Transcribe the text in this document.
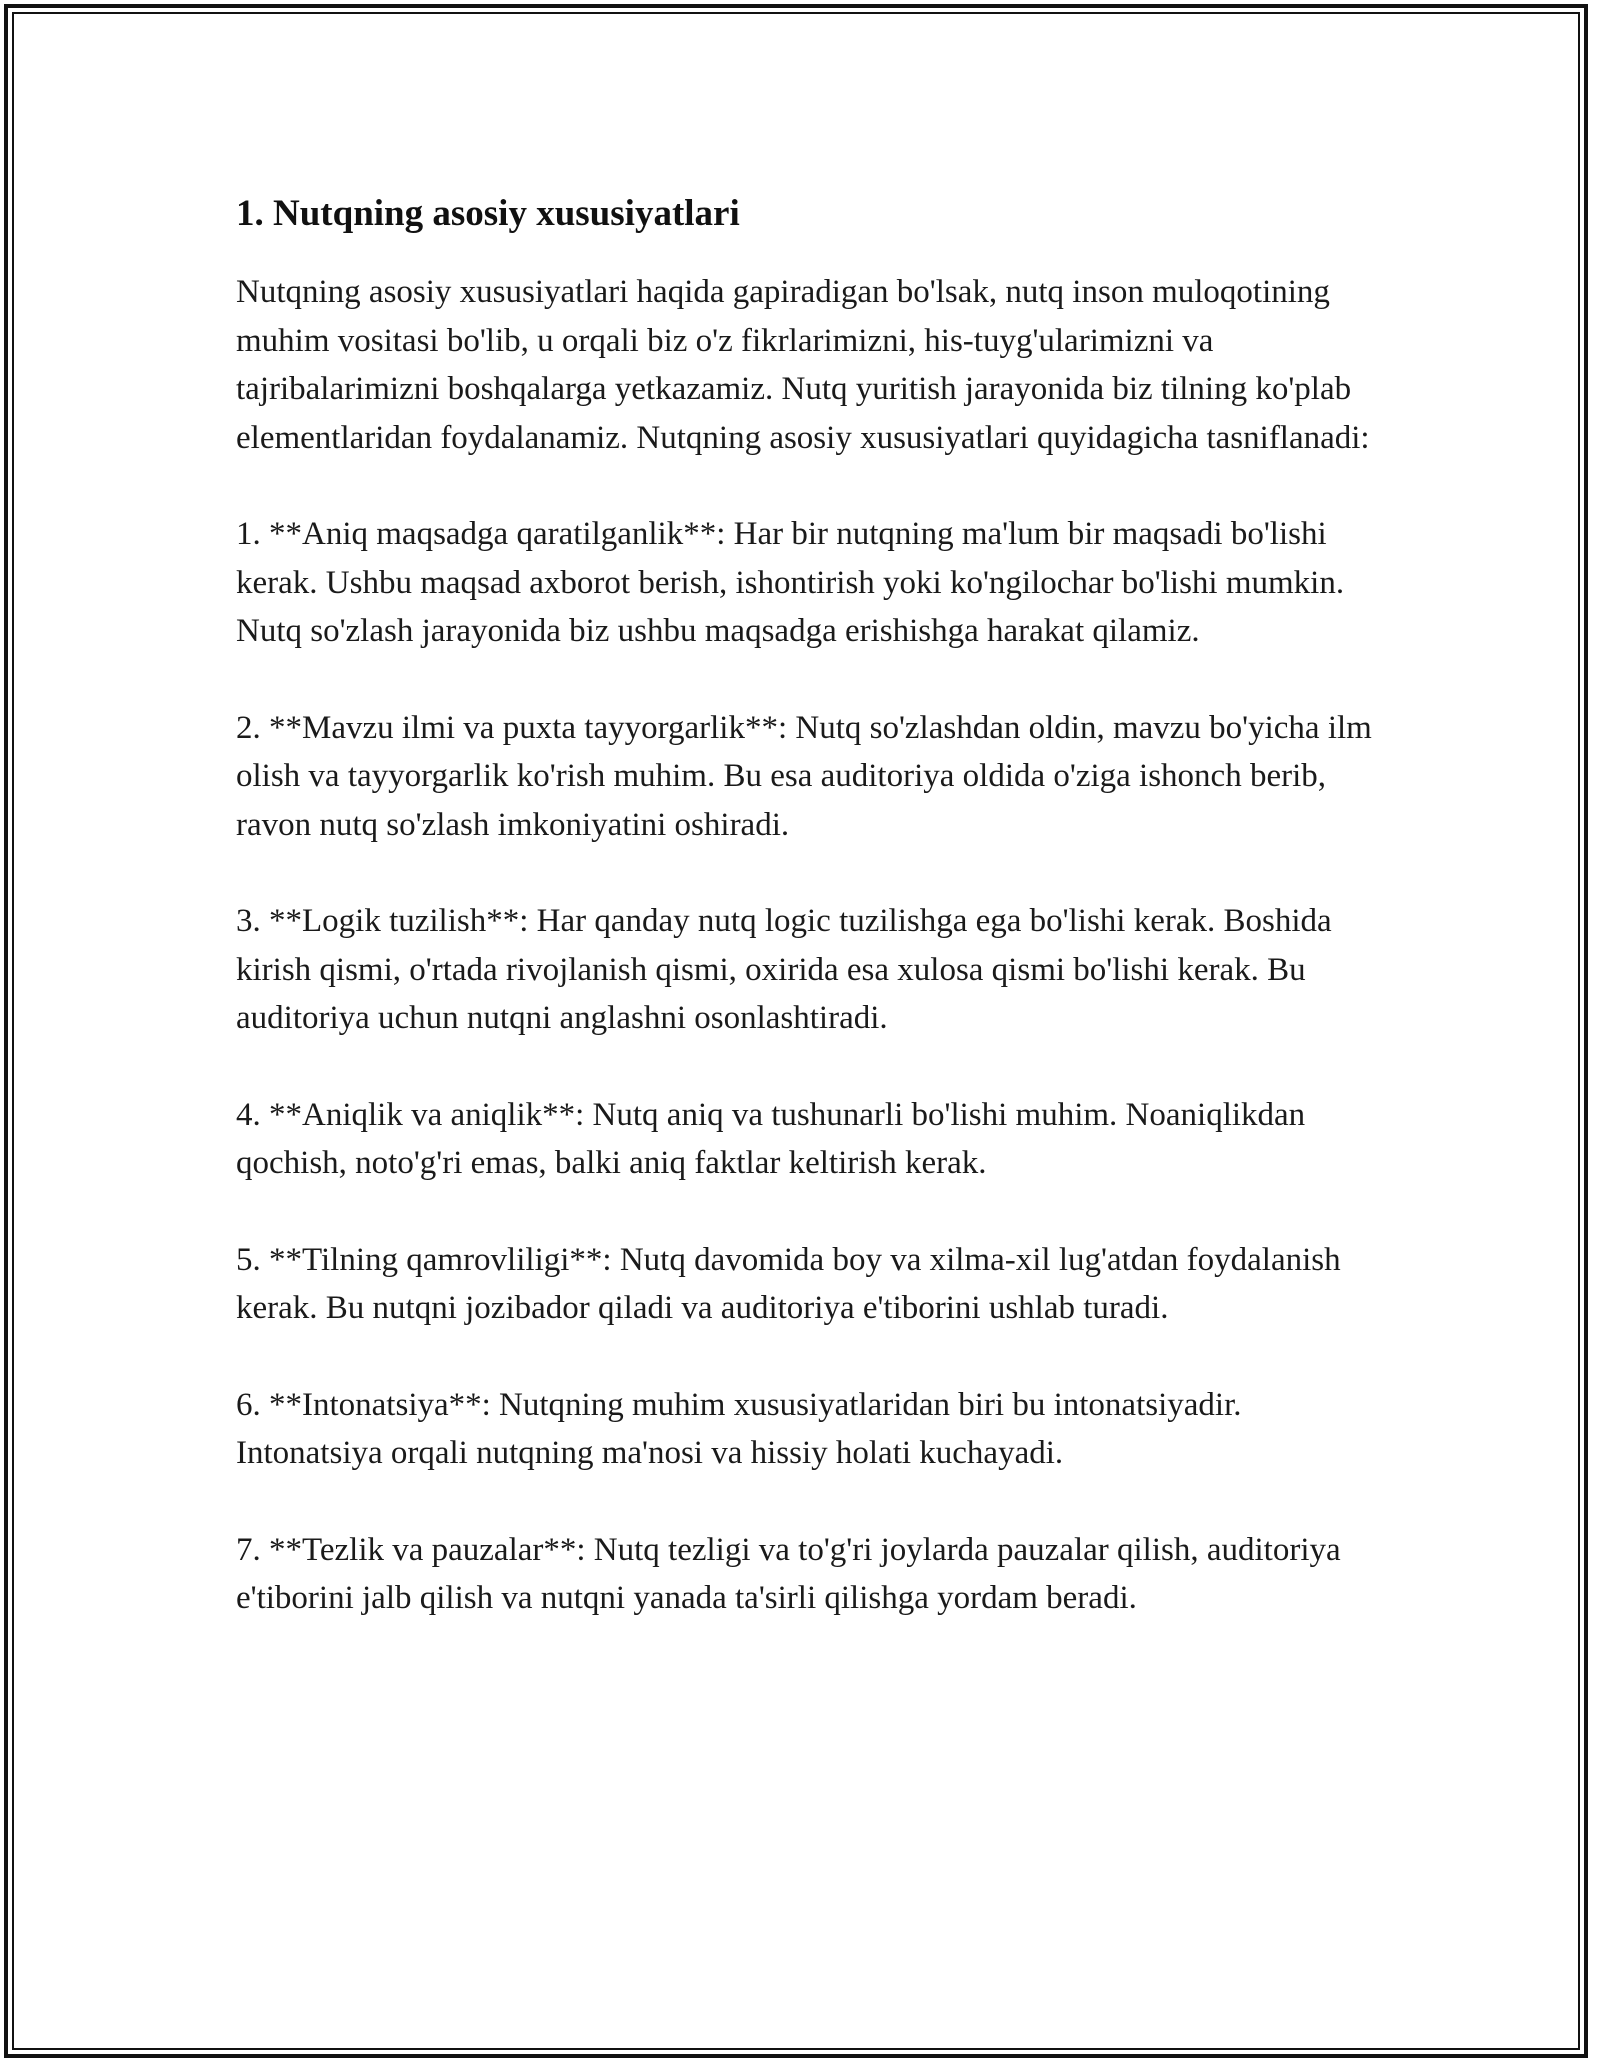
1. Nutqning asosiy xususiyatlari

Nutqning asosiy xususiyatlari haqida gapiradigan bo'lsak, nutq inson muloqotining muhim vositasi bo'lib, u orqali biz o'z fikrlarimizni, his-tuyg'ularimizni va tajribalarimizni boshqalarga yetkazamiz. Nutq yuritish jarayonida biz tilning ko'plab elementlaridan foydalanamiz. Nutqning asosiy xususiyatlari quyidagicha tasniflanadi:

1. **Aniq maqsadga qaratilganlik**: Har bir nutqning ma'lum bir maqsadi bo'lishi kerak. Ushbu maqsad axborot berish, ishontirish yoki ko'ngilochar bo'lishi mumkin. Nutq so'zlash jarayonida biz ushbu maqsadga erishishga harakat qilamiz.

2. **Mavzu ilmi va puxta tayyorgarlik**: Nutq so'zlashdan oldin, mavzu bo'yicha ilm olish va tayyorgarlik ko'rish muhim. Bu esa auditoriya oldida o'ziga ishonch berib, ravon nutq so'zlash imkoniyatini oshiradi.

3. **Logik tuzilish**: Har qanday nutq logic tuzilishga ega bo'lishi kerak. Boshida kirish qismi, o'rtada rivojlanish qismi, oxirida esa xulosa qismi bo'lishi kerak. Bu auditoriya uchun nutqni anglashni osonlashtiradi.

4. **Aniqlik va aniqlik**: Nutq aniq va tushunarli bo'lishi muhim. Noaniqlikdan qochish, noto'g'ri emas, balki aniq faktlar keltirish kerak.

5. **Tilning qamrovliligi**: Nutq davomida boy va xilma-xil lug'atdan foydalanish kerak. Bu nutqni jozibador qiladi va auditoriya e'tiborini ushlab turadi.

6. **Intonatsiya**: Nutqning muhim xususiyatlaridan biri bu intonatsiyadir. Intonatsiya orqali nutqning ma'nosi va hissiy holati kuchayadi.

7. **Tezlik va pauzalar**: Nutq tezligi va to'g'ri joylarda pauzalar qilish, auditoriya e'tiborini jalb qilish va nutqni yanada ta'sirli qilishga yordam beradi.
